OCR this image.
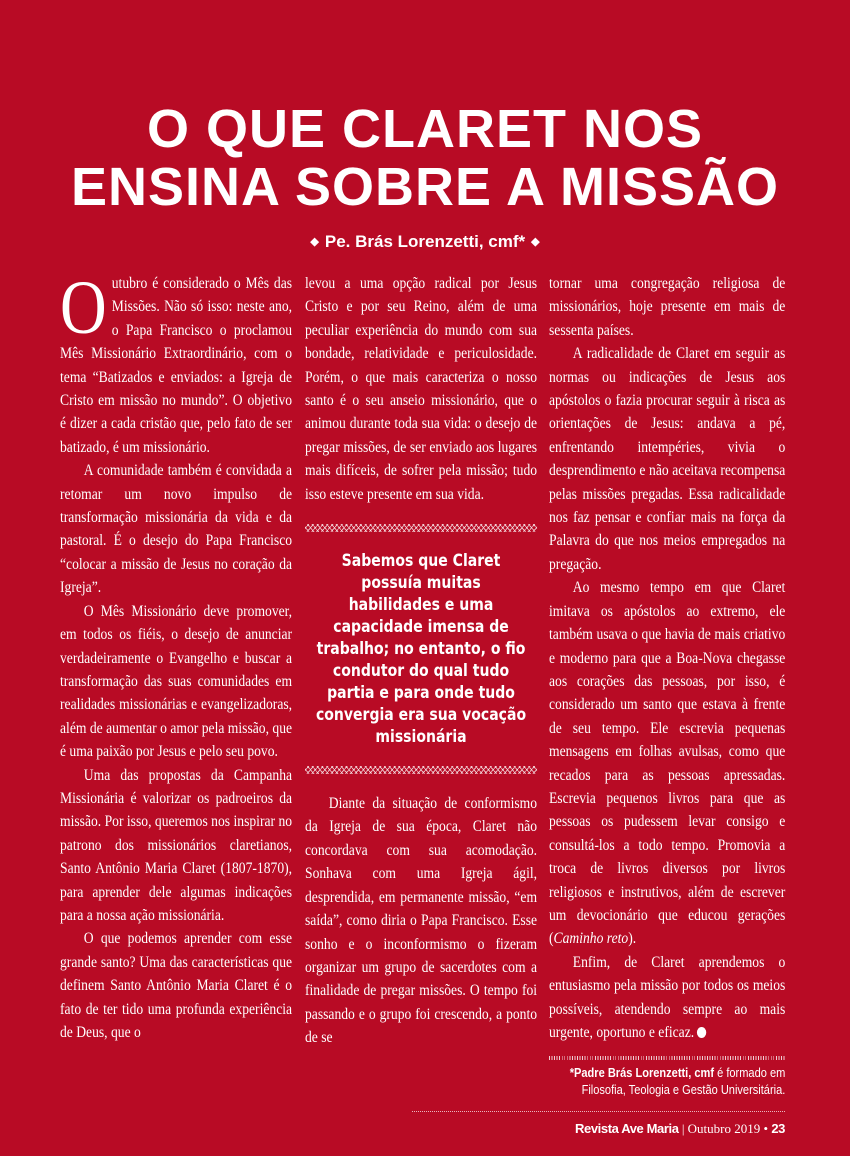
O QUE CLARET NOS
ENSINA SOBRE A MISSÃO
◆ Pe. Brás Lorenzetti, cmf* ◆

Outubro é considerado o Mês das Missões. Não só isso: neste ano, o Papa Francisco o proclamou Mês Missionário Extraordinário, com o tema “Batizados e enviados: a Igreja de Cristo em missão no mundo”. O objetivo é dizer a cada cristão que, pelo fato de ser batizado, é um missionário.

A comunidade também é convidada a retomar um novo impulso de transformação missionária da vida e da pastoral. É o desejo do Papa Francisco “colocar a missão de Jesus no coração da Igreja”.

O Mês Missionário deve promover, em todos os fiéis, o desejo de anunciar verdadeiramente o Evangelho e buscar a transformação das suas comunidades em realidades missionárias e evangelizadoras, além de aumentar o amor pela missão, que é uma paixão por Jesus e pelo seu povo.

Uma das propostas da Campanha Missionária é valorizar os padroeiros da missão. Por isso, queremos nos inspirar no patrono dos missionários claretianos, Santo Antônio Maria Claret (1807-1870), para aprender dele algumas indicações para a nossa ação missionária.

O que podemos aprender com esse grande santo? Uma das características que definem Santo Antônio Maria Claret é o fato de ter tido uma profunda experiência de Deus, que o

levou a uma opção radical por Jesus Cristo e por seu Reino, além de uma peculiar experiência do mundo com sua bondade, relatividade e periculosidade. Porém, o que mais caracteriza o nosso santo é o seu anseio missionário, que o animou durante toda sua vida: o desejo de pregar missões, de ser enviado aos lugares mais difíceis, de sofrer pela missão; tudo isso esteve presente em sua vida.

Sabemos que Claret possuía muitas habilidades e uma capacidade imensa de trabalho; no entanto, o fio condutor do qual tudo partia e para onde tudo convergia era sua vocação missionária

Diante da situação de conformismo da Igreja de sua época, Claret não concordava com sua acomodação. Sonhava com uma Igreja ágil, desprendida, em permanente missão, “em saída”, como diria o Papa Francisco. Esse sonho e o inconformismo o fizeram organizar um grupo de sacerdotes com a finalidade de pregar missões. O tempo foi passando e o grupo foi crescendo, a ponto de se

tornar uma congregação religiosa de missionários, hoje presente em mais de sessenta países.

A radicalidade de Claret em seguir as normas ou indicações de Jesus aos apóstolos o fazia procurar seguir à risca as orientações de Jesus: andava a pé, enfrentando intempéries, vivia o desprendimento e não aceitava recompensa pelas missões pregadas. Essa radicalidade nos faz pensar e confiar mais na força da Palavra do que nos meios empregados na pregação.

Ao mesmo tempo em que Claret imitava os apóstolos ao extremo, ele também usava o que havia de mais criativo e moderno para que a Boa-Nova chegasse aos corações das pessoas, por isso, é considerado um santo que estava à frente de seu tempo. Ele escrevia pequenas mensagens em folhas avulsas, como que recados para as pessoas apressadas. Escrevia pequenos livros para que as pessoas os pudessem levar consigo e consultá-los a todo tempo. Promovia a troca de livros diversos por livros religiosos e instrutivos, além de escrever um devocionário que educou gerações (Caminho reto).

Enfim, de Claret aprendemos o entusiasmo pela missão por todos os meios possíveis, atendendo sempre ao mais urgente, oportuno e eficaz.

*Padre Brás Lorenzetti, cmf é formado em Filosofia, Teologia e Gestão Universitária.
Revista Ave Maria | Outubro 2019 • 23
